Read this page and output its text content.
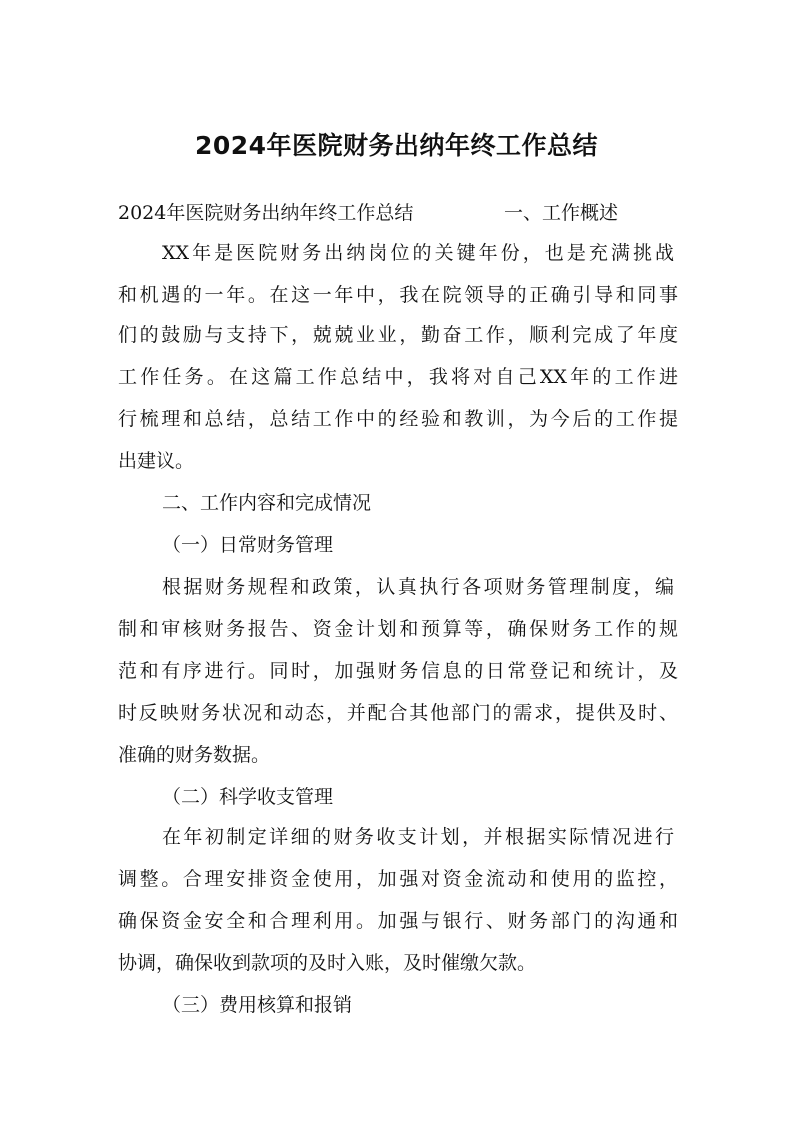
2024年医院财务出纳年终工作总结
2024年医院财务出纳年终工作总结	一、工作概述
XX年是医院财务出纳岗位的关键年份，也是充满挑战
和机遇的一年。在这一年中，我在院领导的正确引导和同事
们的鼓励与支持下，兢兢业业，勤奋工作，顺利完成了年度
工作任务。在这篇工作总结中，我将对自己XX年的工作进
行梳理和总结，总结工作中的经验和教训，为今后的工作提
出建议。
二、工作内容和完成情况
（一）日常财务管理
根据财务规程和政策，认真执行各项财务管理制度，编
制和审核财务报告、资金计划和预算等，确保财务工作的规
范和有序进行。同时，加强财务信息的日常登记和统计，及
时反映财务状况和动态，并配合其他部门的需求，提供及时、
准确的财务数据。
（二）科学收支管理
在年初制定详细的财务收支计划，并根据实际情况进行
调整。合理安排资金使用，加强对资金流动和使用的监控，
确保资金安全和合理利用。加强与银行、财务部门的沟通和
协调，确保收到款项的及时入账，及时催缴欠款。
（三）费用核算和报销
